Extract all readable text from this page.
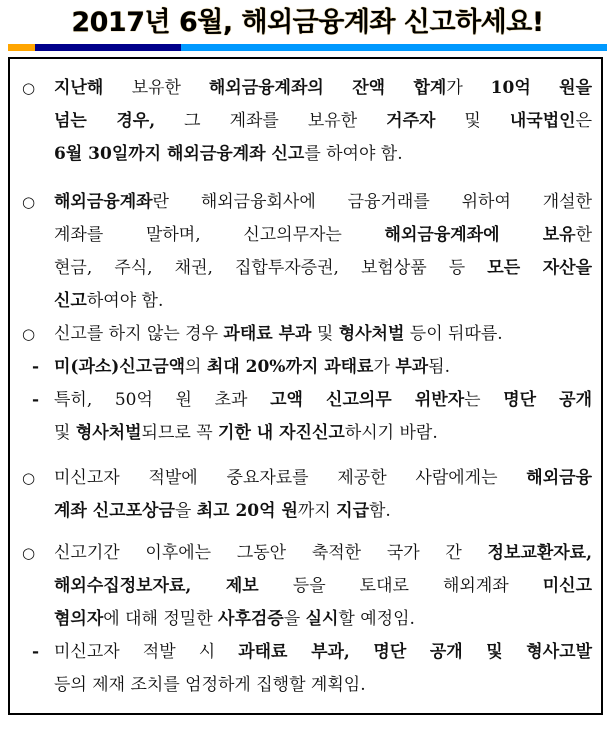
2017년 6월, 해외금융계좌 신고하세요!
○ 지난해 보유한 해외금융계좌의 잔액 합계가 10억 원을
넘는 경우, 그 계좌를 보유한 거주자 및 내국법인은
6월 30일까지 해외금융계좌 신고를 하여야 함.
○ 해외금융계좌란 해외금융회사에 금융거래를 위하여 개설한
계좌를 말하며, 신고의무자는 해외금융계좌에 보유한
현금, 주식, 채권, 집합투자증권, 보험상품 등 모든 자산을
신고하여야 함.
○ 신고를 하지 않는 경우 과태료 부과 및 형사처벌 등이 뒤따름.
- 미(과소)신고금액의 최대 20%까지 과태료가 부과됨.
- 특히, 50억 원 초과 고액 신고의무 위반자는 명단 공개
및 형사처벌되므로 꼭 기한 내 자진신고하시기 바람.
○ 미신고자 적발에 중요자료를 제공한 사람에게는 해외금융
계좌 신고포상금을 최고 20억 원까지 지급함.
○ 신고기간 이후에는 그동안 축적한 국가 간 정보교환자료,
해외수집정보자료, 제보 등을 토대로 해외계좌 미신고
혐의자에 대해 정밀한 사후검증을 실시할 예정임.
- 미신고자 적발 시 과태료 부과, 명단 공개 및 형사고발
등의 제재 조치를 엄정하게 집행할 계획임.
